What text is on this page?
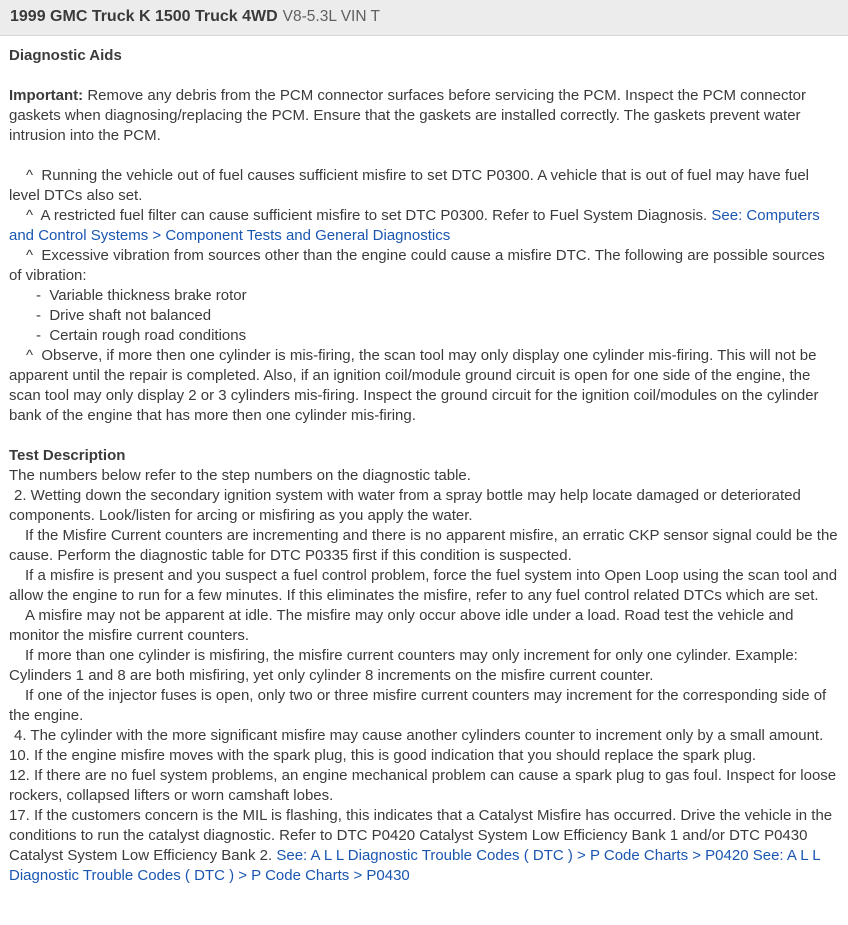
1999 GMC Truck K 1500 Truck 4WD V8-5.3L VIN T
Diagnostic Aids

Important: Remove any debris from the PCM connector surfaces before servicing the PCM. Inspect the PCM connector gaskets when diagnosing/replacing the PCM. Ensure that the gaskets are installed correctly. The gaskets prevent water intrusion into the PCM.

^  Running the vehicle out of fuel causes sufficient misfire to set DTC P0300. A vehicle that is out of fuel may have fuel level DTCs also set.

^  A restricted fuel filter can cause sufficient misfire to set DTC P0300. Refer to Fuel System Diagnosis. See: Computers and Control Systems > Component Tests and General Diagnostics

^  Excessive vibration from sources other than the engine could cause a misfire DTC. The following are possible sources of vibration:

-  Variable thickness brake rotor

-  Drive shaft not balanced

-  Certain rough road conditions

^  Observe, if more then one cylinder is mis-firing, the scan tool may only display one cylinder mis-firing. This will not be apparent until the repair is completed. Also, if an ignition coil/module ground circuit is open for one side of the engine, the scan tool may only display 2 or 3 cylinders mis-firing. Inspect the ground circuit for the ignition coil/modules on the cylinder bank of the engine that has more then one cylinder mis-firing.

Test Description

The numbers below refer to the step numbers on the diagnostic table.

2. Wetting down the secondary ignition system with water from a spray bottle may help locate damaged or deteriorated components. Look/listen for arcing or misfiring as you apply the water.

If the Misfire Current counters are incrementing and there is no apparent misfire, an erratic CKP sensor signal could be the cause. Perform the diagnostic table for DTC P0335 first if this condition is suspected.

If a misfire is present and you suspect a fuel control problem, force the fuel system into Open Loop using the scan tool and allow the engine to run for a few minutes. If this eliminates the misfire, refer to any fuel control related DTCs which are set.

A misfire may not be apparent at idle. The misfire may only occur above idle under a load. Road test the vehicle and monitor the misfire current counters.

If more than one cylinder is misfiring, the misfire current counters may only increment for only one cylinder. Example: Cylinders 1 and 8 are both misfiring, yet only cylinder 8 increments on the misfire current counter.

If one of the injector fuses is open, only two or three misfire current counters may increment for the corresponding side of the engine.

4. The cylinder with the more significant misfire may cause another cylinders counter to increment only by a small amount.

10. If the engine misfire moves with the spark plug, this is good indication that you should replace the spark plug.

12. If there are no fuel system problems, an engine mechanical problem can cause a spark plug to gas foul. Inspect for loose rockers, collapsed lifters or worn camshaft lobes.

17. If the customers concern is the MIL is flashing, this indicates that a Catalyst Misfire has occurred. Drive the vehicle in the conditions to run the catalyst diagnostic. Refer to DTC P0420 Catalyst System Low Efficiency Bank 1 and/or DTC P0430 Catalyst System Low Efficiency Bank 2. See: A L L Diagnostic Trouble Codes ( DTC ) > P Code Charts > P0420 See: A L L Diagnostic Trouble Codes ( DTC ) > P Code Charts > P0430
